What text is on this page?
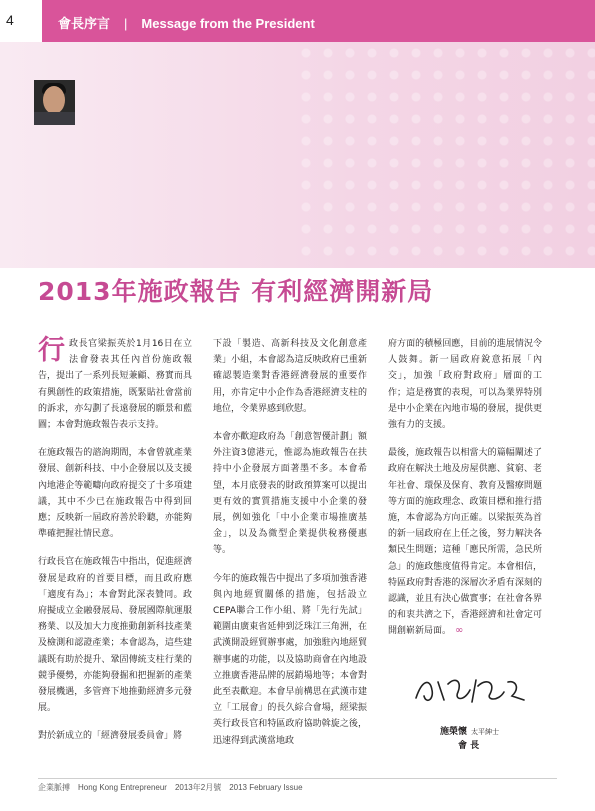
4	會長序言 | Message from the President
2013年施政報告 有利經濟開新局

行政長官梁振英於1月16日在立法會發表其任內首份施政報告，提出了一系列長短兼顧、務實而具有興創性的政策措施，既緊貼社會當前的訴求，亦勾劃了長遠發展的願景和藍圖；本會對施政報告表示支持。

在施政報告的諮詢期間，本會曾就產業發展、創新科技、中小企發展以及支援內地港企等範疇向政府提交了十多項建議，其中不少已在施政報告中得到回應；反映新一屆政府善於聆聽，亦能夠準確把握社情民意。

行政長官在施政報告中指出，促進經濟發展是政府的首要目標，而且政府應「適度有為」；本會對此深表贊同。政府擬成立金融發展局、發展國際航運服務業、以及加大力度推動創新科技產業及檢測和認證產業；本會認為，這些建議既有助於提升、鞏固傳統支柱行業的競爭優勢，亦能夠發掘和把握新的產業發展機遇，多管齊下地推動經濟多元發展。

對於新成立的「經濟發展委員會」將

下設「製造、高新科技及文化創意產業」小組，本會認為這反映政府已重新確認製造業對香港經濟發展的重要作用，亦肯定中小企作為香港經濟支柱的地位，令業界感到欣慰。

本會亦歡迎政府為「創意智優計劃」額外注資3億港元，惟認為施政報告在扶持中小企發展方面著墨不多。本會希望，本月底發表的財政預算案可以提出更有效的實質措施支援中小企業的發展，例如強化「中小企業市場推廣基金」，以及為微型企業提供稅務優惠等。

今年的施政報告中提出了多項加強香港與內地經貿關係的措施，包括設立CEPA聯合工作小組、將「先行先試」範圍由廣東省延伸到泛珠江三角洲，在武漢開設經貿辦事處，加強駐內地經貿辦事處的功能，以及協助商會在內地設立推廣香港品牌的展銷場地等；本會對此至表歡迎。本會早前構思在武漢市建立「工展會」的長久綜合會場，經梁振英行政長官和特區政府協助斡旋之後，迅速得到武漢當地政

府方面的積極回應，目前的進展情況令人鼓舞。新一屆政府銳意拓展「內交」，加強「政府對政府」層面的工作；這是務實的表現，可以為業界特別是中小企業在內地市場的發展，提供更強有力的支援。

最後，施政報告以相當大的篇幅闡述了政府在解決土地及房屋供應、貧窮、老年社會、環保及保育、教育及醫療問題等方面的施政理念、政策目標和推行措施，本會認為方向正確。以梁振英為首的新一屆政府在上任之後，努力解決各類民生問題；這種「應民所需，急民所急」的施政態度值得肯定。本會相信，特區政府對香港的深層次矛盾有深刻的認識，並且有決心做實事；在社會各界的和衷共濟之下，香港經濟和社會定可開創嶄新局面。 ∞

施榮懷 太平紳士
會 長
企業脈搏 Hong Kong Entrepreneur 2013年2月號 2013 February Issue
